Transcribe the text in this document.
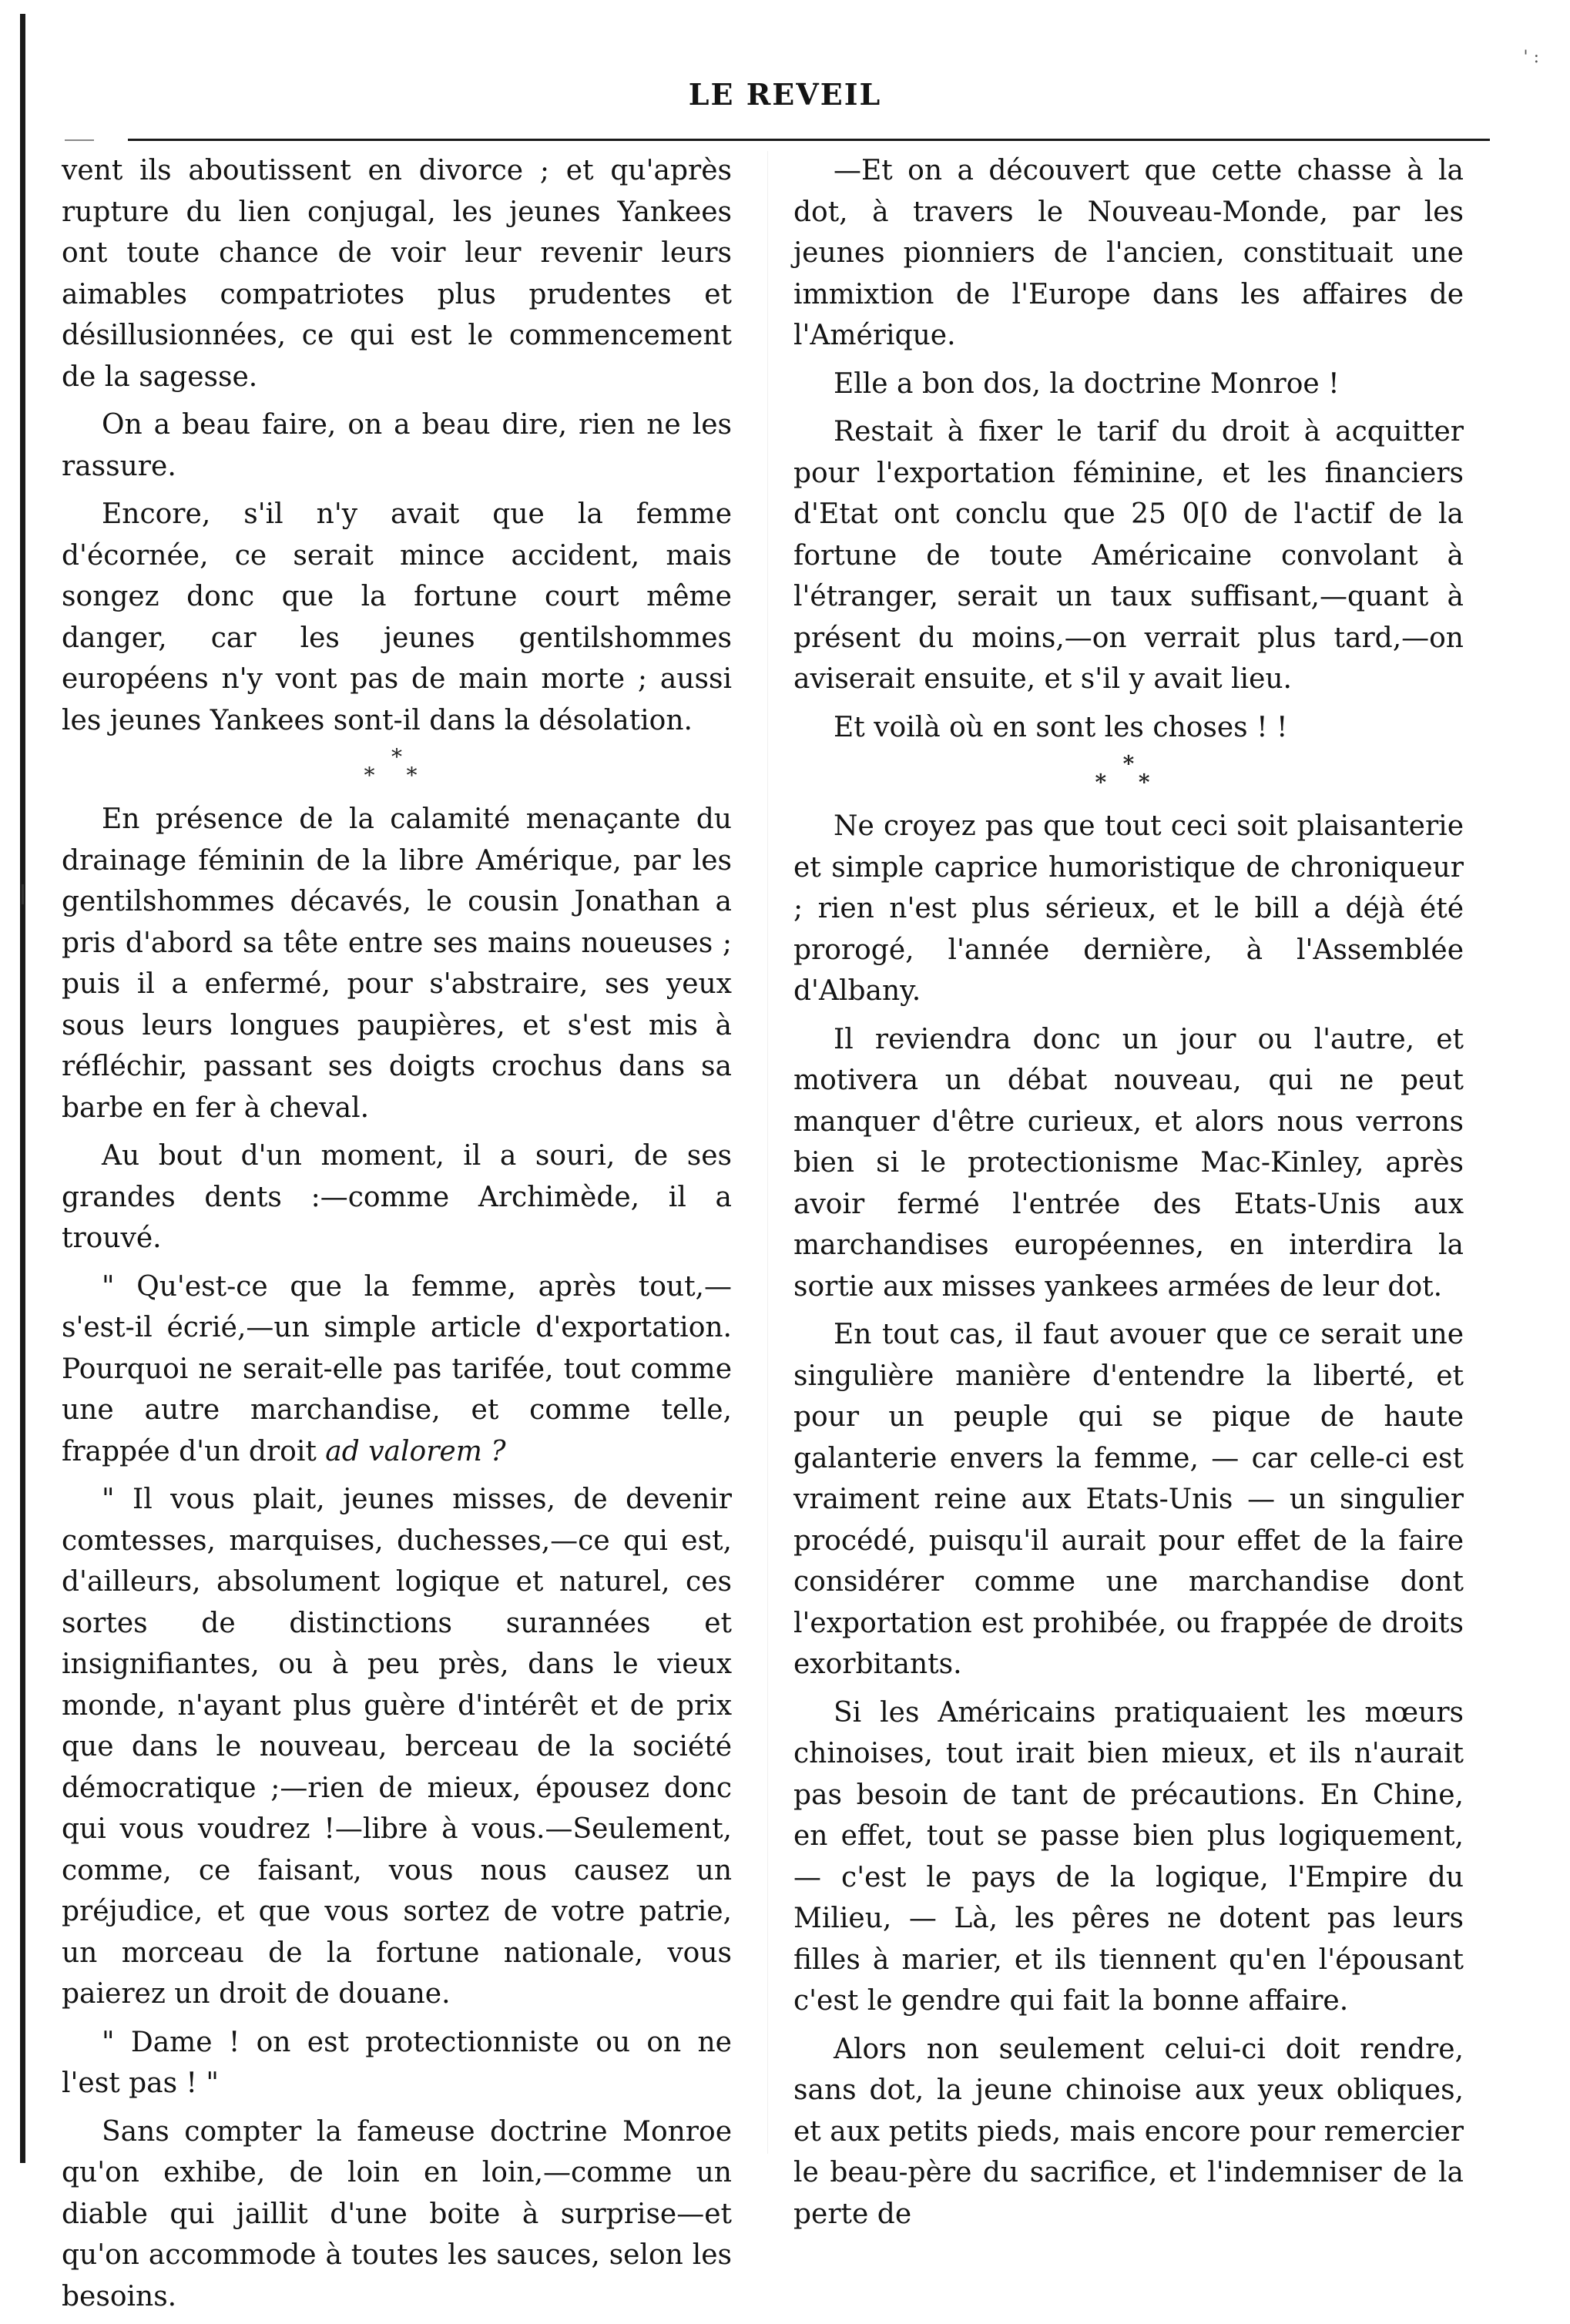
' :
LE REVEIL

vent ils aboutissent en divorce ; et qu'après rupture du lien conjugal, les jeunes Yankees ont toute chance de voir leur revenir leurs aimables compatriotes plus prudentes et désillusionnées, ce qui est le commencement de la sagesse.

On a beau faire, on a beau dire, rien ne les rassure.

Encore, s'il n'y avait que la femme d'écornée, ce serait mince accident, mais songez donc que la fortune court même danger, car les jeunes gentilshommes européens n'y vont pas de main morte ; aussi les jeunes Yankees sont-il dans la désolation.

*
* *

En présence de la calamité menaçante du drainage féminin de la libre Amérique, par les gentilshommes décavés, le cousin Jonathan a pris d'abord sa tête entre ses mains noueuses ; puis il a enfermé, pour s'abstraire, ses yeux sous leurs longues paupières, et s'est mis à réfléchir, passant ses doigts crochus dans sa barbe en fer à cheval.

Au bout d'un moment, il a souri, de ses grandes dents :—comme Archimède, il a trouvé.

" Qu'est-ce que la femme, après tout,— s'est-il écrié,—un simple article d'exportation. Pourquoi ne serait-elle pas tarifée, tout comme une autre marchandise, et comme telle, frappée d'un droit ad valorem ?

" Il vous plait, jeunes misses, de devenir comtesses, marquises, duchesses,—ce qui est, d'ailleurs, absolument logique et naturel, ces sortes de distinctions surannées et insignifiantes, ou à peu près, dans le vieux monde, n'ayant plus guère d'intérêt et de prix que dans le nouveau, berceau de la société démocratique ;—rien de mieux, épousez donc qui vous voudrez !—libre à vous.—Seulement, comme, ce faisant, vous nous causez un préjudice, et que vous sortez de votre patrie, un morceau de la fortune nationale, vous paierez un droit de douane.

" Dame ! on est protectionniste ou on ne l'est pas ! "

Sans compter la fameuse doctrine Monroe qu'on exhibe, de loin en loin,—comme un diable qui jaillit d'une boite à surprise—et qu'on accommode à toutes les sauces, selon les besoins.

—Et on a découvert que cette chasse à la dot, à travers le Nouveau-Monde, par les jeunes pionniers de l'ancien, constituait une immixtion de l'Europe dans les affaires de l'Amérique.

Elle a bon dos, la doctrine Monroe !

Restait à fixer le tarif du droit à acquitter pour l'exportation féminine, et les financiers d'Etat ont conclu que 25 0[0 de l'actif de la fortune de toute Américaine convolant à l'étranger, serait un taux suffisant,—quant à présent du moins,—on verrait plus tard,—on aviserait ensuite, et s'il y avait lieu.

Et voilà où en sont les choses ! !

*
* *

Ne croyez pas que tout ceci soit plaisanterie et simple caprice humoristique de chroniqueur ; rien n'est plus sérieux, et le bill a déjà été prorogé, l'année dernière, à l'Assemblée d'Albany.

Il reviendra donc un jour ou l'autre, et motivera un débat nouveau, qui ne peut manquer d'être curieux, et alors nous verrons bien si le protectionisme Mac-Kinley, après avoir fermé l'entrée des Etats-Unis aux marchandises européennes, en interdira la sortie aux misses yankees armées de leur dot.

En tout cas, il faut avouer que ce serait une singulière manière d'entendre la liberté, et pour un peuple qui se pique de haute galanterie envers la femme, — car celle-ci est vraiment reine aux Etats-Unis — un singulier procédé, puisqu'il aurait pour effet de la faire considérer comme une marchandise dont l'exportation est prohibée, ou frappée de droits exorbitants.

Si les Américains pratiquaient les mœurs chinoises, tout irait bien mieux, et ils n'aurait pas besoin de tant de précautions. En Chine, en effet, tout se passe bien plus logiquement, — c'est le pays de la logique, l'Empire du Milieu, — Là, les pêres ne dotent pas leurs filles à marier, et ils tiennent qu'en l'épousant c'est le gendre qui fait la bonne affaire.

Alors non seulement celui-ci doit rendre, sans dot, la jeune chinoise aux yeux obliques, et aux petits pieds, mais encore pour remercier le beau-père du sacrifice, et l'indemniser de la perte de
